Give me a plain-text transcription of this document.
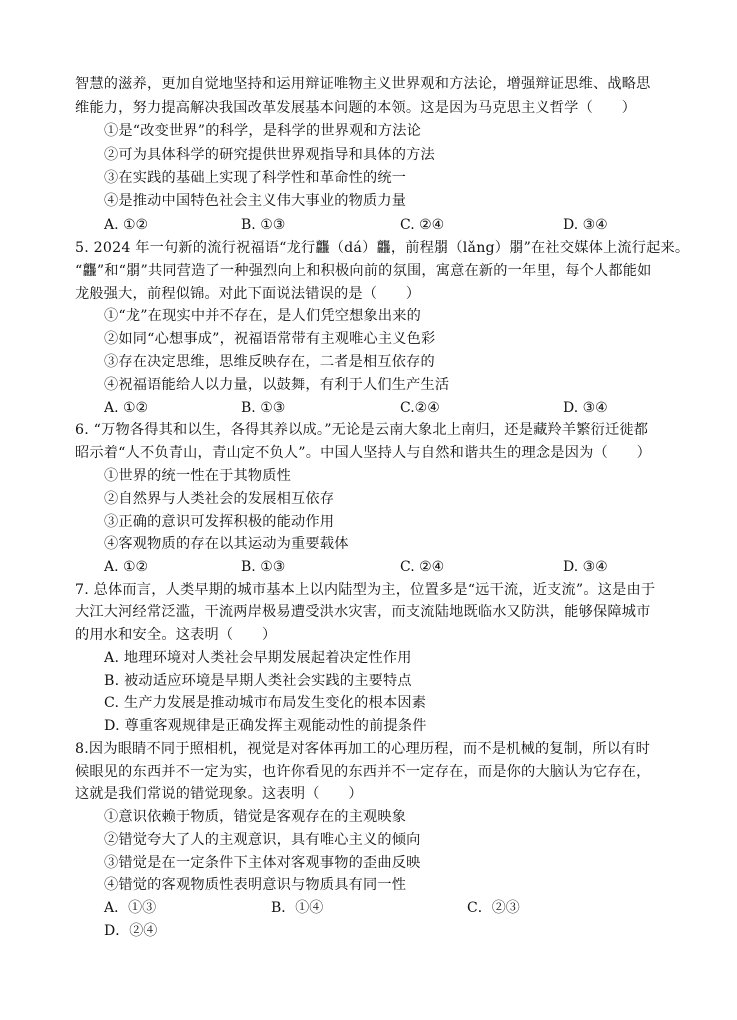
智慧的滋养，更加自觉地坚持和运用辩证唯物主义世界观和方法论，增强辩证思维、战略思
维能力，努力提高解决我国改革发展基本问题的本领。这是因为马克思主义哲学（　　）
①是“改变世界”的科学，是科学的世界观和方法论
②可为具体科学的研究提供世界观指导和具体的方法
③在实践的基础上实现了科学性和革命性的统一
④是推动中国特色社会主义伟大事业的物质力量
A. ①②	B. ①③	C. ②④	D. ③④
5. 2024 年一句新的流行祝福语“龙行龘（dá）龘，前程朤（lǎng）朤”在社交媒体上流行起来。
“龘”和“朤”共同营造了一种强烈向上和积极向前的氛围，寓意在新的一年里，每个人都能如
龙般强大，前程似锦。对此下面说法错误的是（　　）
①“龙”在现实中并不存在，是人们凭空想象出来的
②如同“心想事成”，祝福语常带有主观唯心主义色彩
③存在决定思维，思维反映存在，二者是相互依存的
④祝福语能给人以力量，以鼓舞，有利于人们生产生活
A. ①②	B. ①③	C.②④	D. ③④
6. “万物各得其和以生，各得其养以成。”无论是云南大象北上南归，还是藏羚羊繁衍迁徙都
昭示着“人不负青山，青山定不负人”。中国人坚持人与自然和谐共生的理念是因为（　　）
①世界的统一性在于其物质性
②自然界与人类社会的发展相互依存
③正确的意识可发挥积极的能动作用
④客观物质的存在以其运动为重要载体
A. ①②	B. ①③	C. ②④	D. ③④
7. 总体而言，人类早期的城市基本上以内陆型为主，位置多是“远干流，近支流”。这是由于
大江大河经常泛滥，干流两岸极易遭受洪水灾害，而支流陆地既临水又防洪，能够保障城市
的用水和安全。这表明（　　）
A. 地理环境对人类社会早期发展起着决定性作用
B. 被动适应环境是早期人类社会实践的主要特点
C. 生产力发展是推动城市布局发生变化的根本因素
D. 尊重客观规律是正确发挥主观能动性的前提条件
8.因为眼睛不同于照相机，视觉是对客体再加工的心理历程，而不是机械的复制，所以有时
候眼见的东西并不一定为实，也许你看见的东西并不一定存在，而是你的大脑认为它存在，
这就是我们常说的错觉现象。这表明（　　）
①意识依赖于物质，错觉是客观存在的主观映象
②错觉夸大了人的主观意识，具有唯心主义的倾向
③错觉是在一定条件下主体对客观事物的歪曲反映
④错觉的客观物质性表明意识与物质具有同一性
A．①③	B．①④	C．②③
D．②④
